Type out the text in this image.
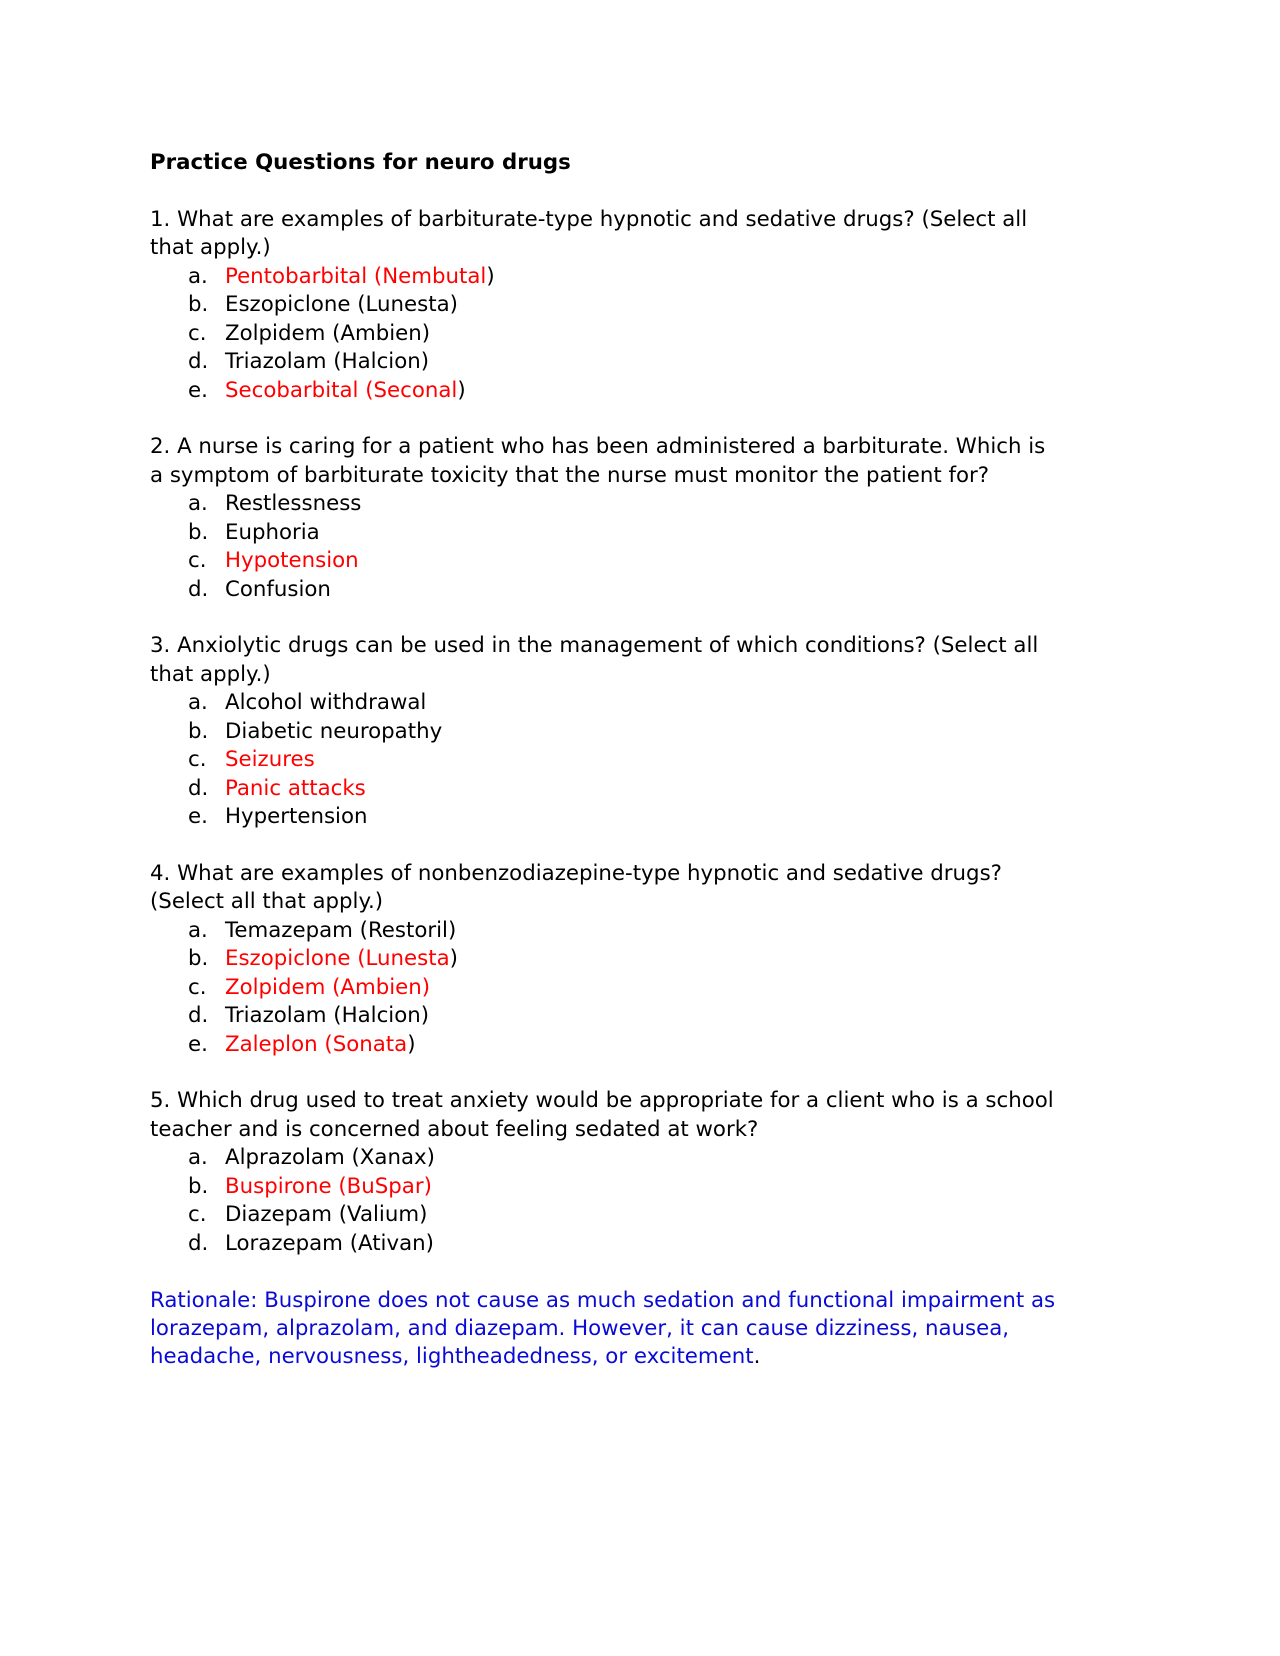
Practice Questions for neuro drugs
1. What are examples of barbiturate-type hypnotic and sedative drugs? (Select all
that apply.)
a. Pentobarbital (Nembutal)
b. Eszopiclone (Lunesta)
c. Zolpidem (Ambien)
d. Triazolam (Halcion)
e. Secobarbital (Seconal)
2. A nurse is caring for a patient who has been administered a barbiturate. Which is
a symptom of barbiturate toxicity that the nurse must monitor the patient for?
a. Restlessness
b. Euphoria
c. Hypotension
d. Confusion
3. Anxiolytic drugs can be used in the management of which conditions? (Select all
that apply.)
a. Alcohol withdrawal
b. Diabetic neuropathy
c. Seizures
d. Panic attacks
e. Hypertension
4. What are examples of nonbenzodiazepine-type hypnotic and sedative drugs?
(Select all that apply.)
a. Temazepam (Restoril)
b. Eszopiclone (Lunesta)
c. Zolpidem (Ambien)
d. Triazolam (Halcion)
e. Zaleplon (Sonata)
5. Which drug used to treat anxiety would be appropriate for a client who is a school
teacher and is concerned about feeling sedated at work?
a. Alprazolam (Xanax)
b. Buspirone (BuSpar)
c. Diazepam (Valium)
d. Lorazepam (Ativan)
Rationale: Buspirone does not cause as much sedation and functional impairment as
lorazepam, alprazolam, and diazepam. However, it can cause dizziness, nausea,
headache, nervousness, lightheadedness, or excitement.
